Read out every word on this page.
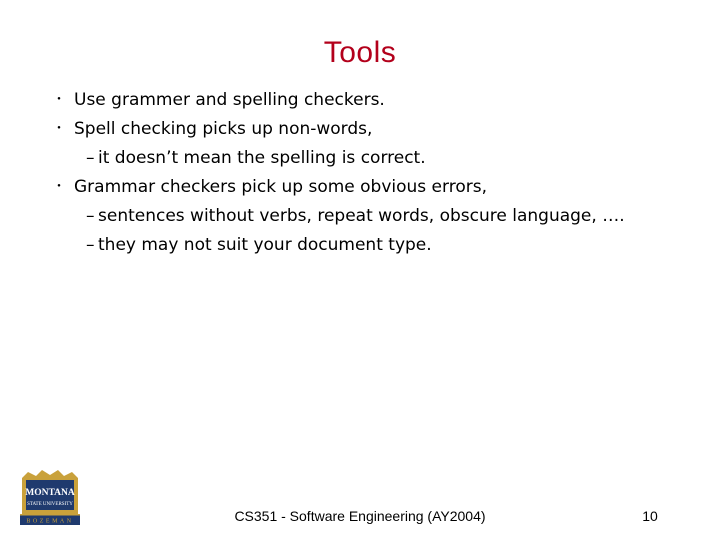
Tools
・ Use grammer and spelling checkers.
・ Spell checking picks up non-words,
– it doesn’t mean the spelling is correct.
・ Grammar checkers pick up some obvious errors,
– sentences without verbs, repeat words, obscure language, ….
– they may not suit your document type.
MONTANA
STATE UNIVERSITY
BOZEMAN	CS351 - Software Engineering (AY2004)	10
